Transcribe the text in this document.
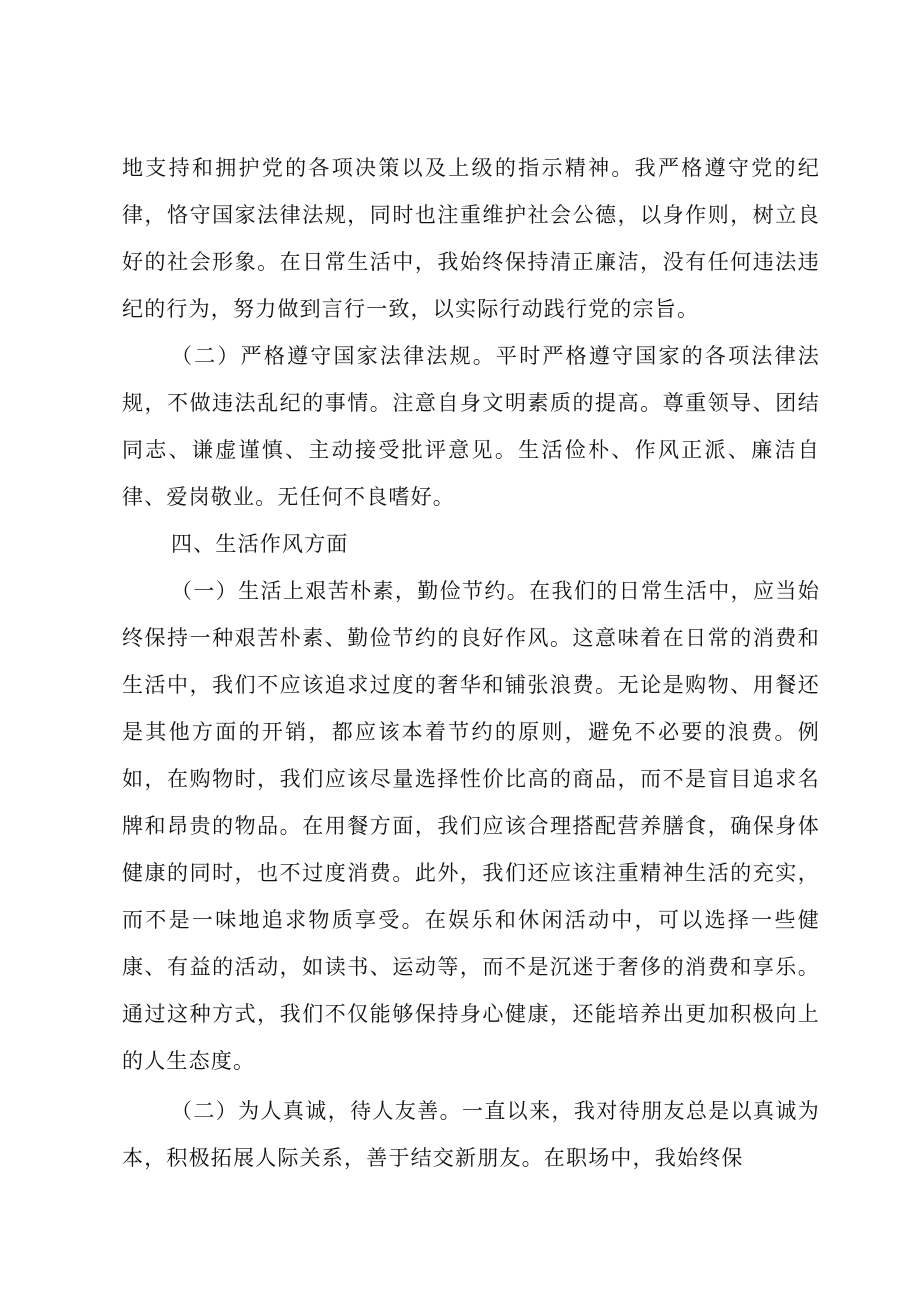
地支持和拥护党的各项决策以及上级的指示精神。我严格遵守党的纪律，恪守国家法律法规，同时也注重维护社会公德，以身作则，树立良好的社会形象。在日常生活中，我始终保持清正廉洁，没有任何违法违纪的行为，努力做到言行一致，以实际行动践行党的宗旨。

（二）严格遵守国家法律法规。平时严格遵守国家的各项法律法规，不做违法乱纪的事情。注意自身文明素质的提高。尊重领导、团结同志、谦虚谨慎、主动接受批评意见。生活俭朴、作风正派、廉洁自律、爱岗敬业。无任何不良嗜好。

四、生活作风方面

（一）生活上艰苦朴素，勤俭节约。在我们的日常生活中，应当始终保持一种艰苦朴素、勤俭节约的良好作风。这意味着在日常的消费和生活中，我们不应该追求过度的奢华和铺张浪费。无论是购物、用餐还是其他方面的开销，都应该本着节约的原则，避免不必要的浪费。例如，在购物时，我们应该尽量选择性价比高的商品，而不是盲目追求名牌和昂贵的物品。在用餐方面，我们应该合理搭配营养膳食，确保身体健康的同时，也不过度消费。此外，我们还应该注重精神生活的充实，而不是一味地追求物质享受。在娱乐和休闲活动中，可以选择一些健康、有益的活动，如读书、运动等，而不是沉迷于奢侈的消费和享乐。通过这种方式，我们不仅能够保持身心健康，还能培养出更加积极向上的人生态度。

（二）为人真诚，待人友善。一直以来，我对待朋友总是以真诚为本，积极拓展人际关系，善于结交新朋友。在职场中，我始终保
